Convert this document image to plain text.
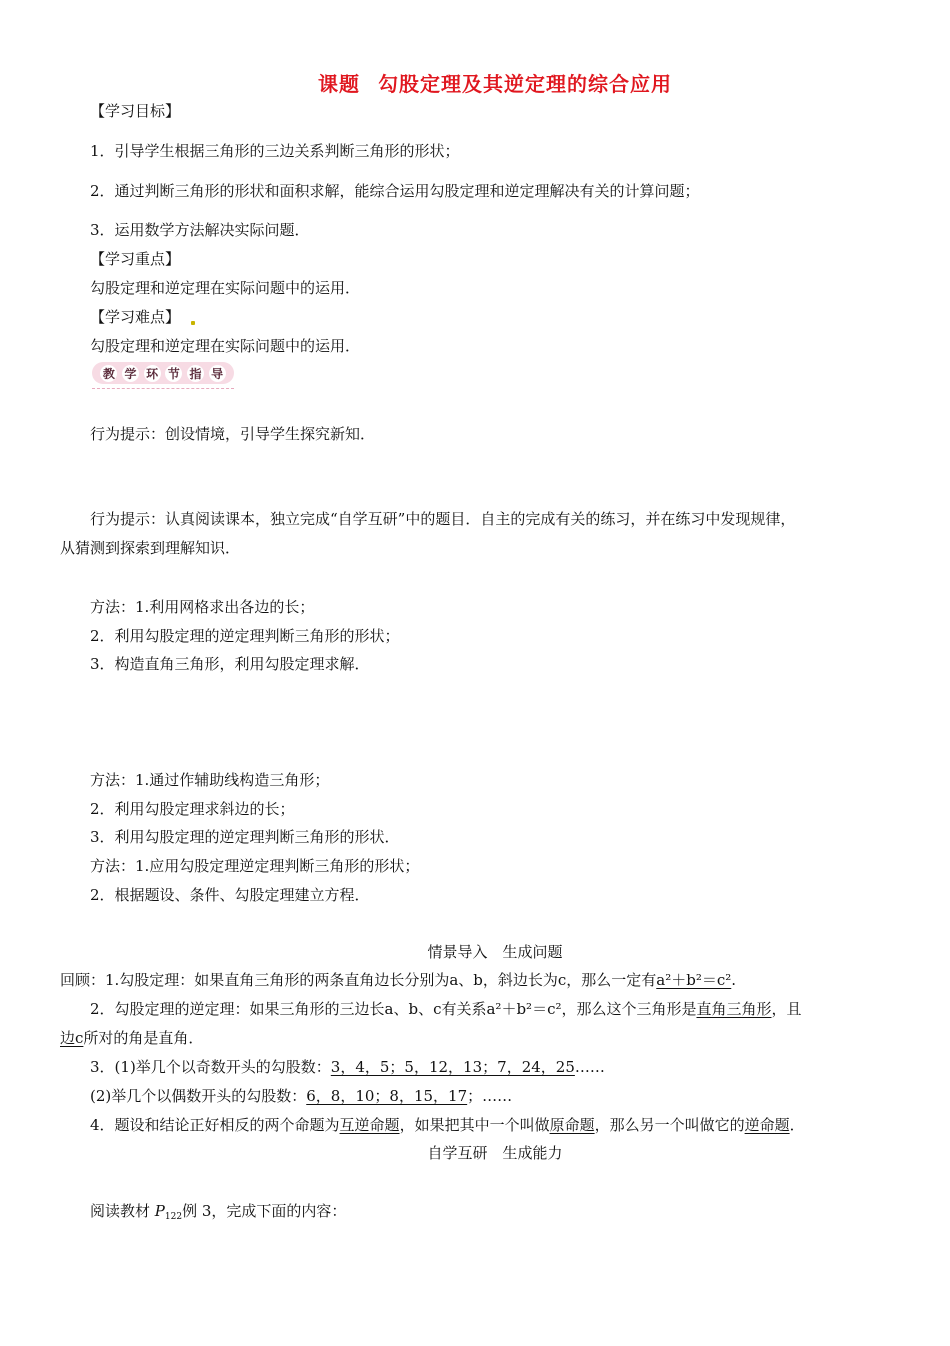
课题 勾股定理及其逆定理的综合应用
【学习目标】
1．引导学生根据三角形的三边关系判断三角形的形状；
2．通过判断三角形的形状和面积求解，能综合运用勾股定理和逆定理解决有关的计算问题；
3．运用数学方法解决实际问题．
【学习重点】
勾股定理和逆定理在实际问题中的运用．
【学习难点】
勾股定理和逆定理在实际问题中的运用．
教 学 环 节 指 导
行为提示：创设情境，引导学生探究新知．
行为提示：认真阅读课本，独立完成“自学互研”中的题目．自主的完成有关的练习，并在练习中发现规律，
从猜测到探索到理解知识．
方法：1.利用网格求出各边的长；
2．利用勾股定理的逆定理判断三角形的形状；
3．构造直角三角形，利用勾股定理求解．
方法：1.通过作辅助线构造三角形；
2．利用勾股定理求斜边的长；
3．利用勾股定理的逆定理判断三角形的形状．
方法：1.应用勾股定理逆定理判断三角形的形状；
2．根据题设、条件、勾股定理建立方程．
情景导入　生成问题
回顾：1.勾股定理：如果直角三角形的两条直角边长分别为a、b，斜边长为c，那么一定有a²＋b²＝c².
2．勾股定理的逆定理：如果三角形的三边长a、b、c有关系a²＋b²＝c²，那么这个三角形是直角三角形，且
边c所对的角是直角．
3．(1)举几个以奇数开头的勾股数：3，4，5；5，12，13；7，24，25……
(2)举几个以偶数开头的勾股数：6，8，10；8，15，17；……
4．题设和结论正好相反的两个命题为互逆命题，如果把其中一个叫做原命题，那么另一个叫做它的逆命题．
自学互研　生成能力
阅读教材 $P_{122}$例 3，完成下面的内容：
